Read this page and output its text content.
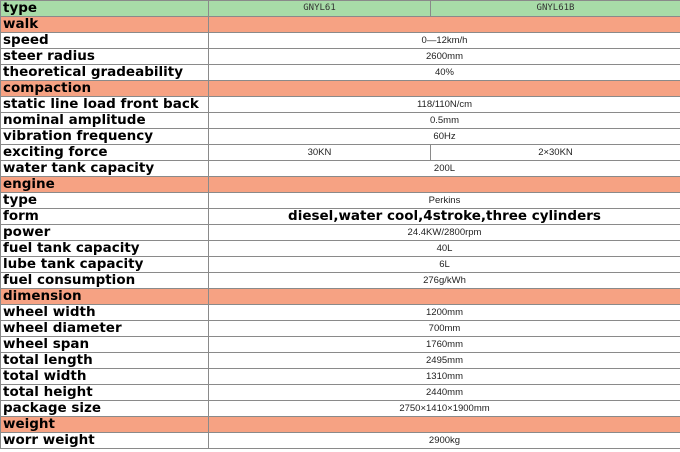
type	GNYL61	GNYL61B
walk		
speed	0—12km/h	
steer radius	2600mm	
theoretical gradeability	40%	
compaction		
static line load front back	118/110N/cm	
nominal amplitude	0.5mm	
vibration frequency	60Hz	
exciting force	30KN	2×30KN
water tank capacity	200L	
engine		
type	Perkins	
form	diesel,water cool,4stroke,three cylinders	
power	24.4KW/2800rpm	
fuel tank capacity	40L	
lube tank capacity	6L	
fuel consumption	276g/kWh	
dimension		
wheel width	1200mm	
wheel diameter	700mm	
wheel span	1760mm	
total length	2495mm	
total width	1310mm	
total height	2440mm	
package size	2750×1410×1900mm	
weight		
worr weight	2900kg	
